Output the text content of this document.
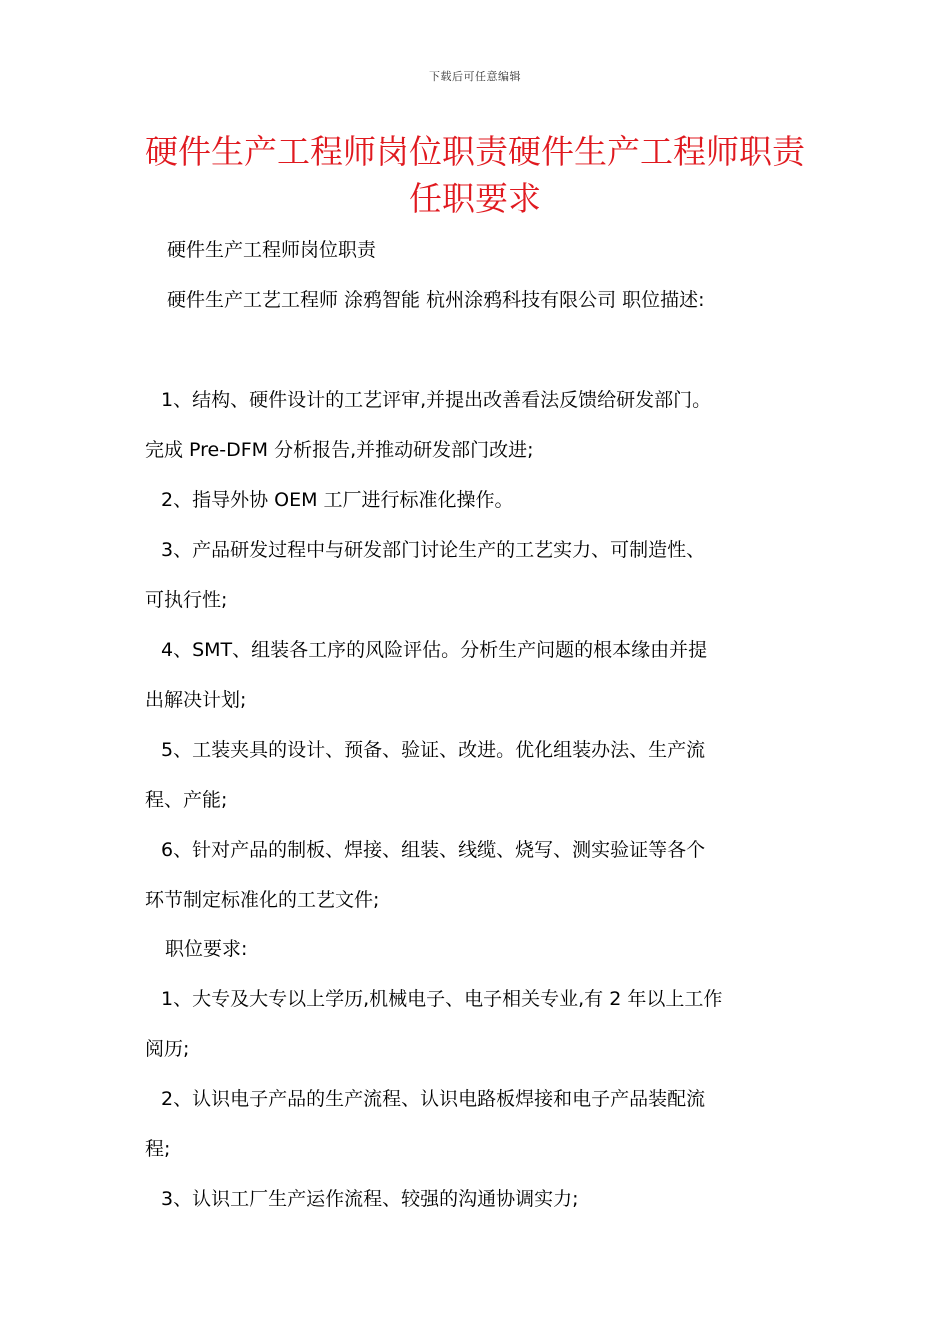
下载后可任意编辑
硬件生产工程师岗位职责硬件生产工程师职责任职要求
硬件生产工程师岗位职责
硬件生产工艺工程师 涂鸦智能 杭州涂鸦科技有限公司 职位描述:
1、结构、硬件设计的工艺评审,并提出改善看法反馈给研发部门。
完成 Pre-DFM 分析报告,并推动研发部门改进;
2、指导外协 OEM 工厂进行标准化操作。
3、产品研发过程中与研发部门讨论生产的工艺实力、可制造性、
可执行性;
4、SMT、组装各工序的风险评估。分析生产问题的根本缘由并提
出解决计划;
5、工装夹具的设计、预备、验证、改进。优化组装办法、生产流
程、产能;
6、针对产品的制板、焊接、组装、线缆、烧写、测实验证等各个
环节制定标准化的工艺文件;
职位要求:
1、大专及大专以上学历,机械电子、电子相关专业,有 2 年以上工作
阅历;
2、认识电子产品的生产流程、认识电路板焊接和电子产品装配流
程;
3、认识工厂生产运作流程、较强的沟通协调实力;
